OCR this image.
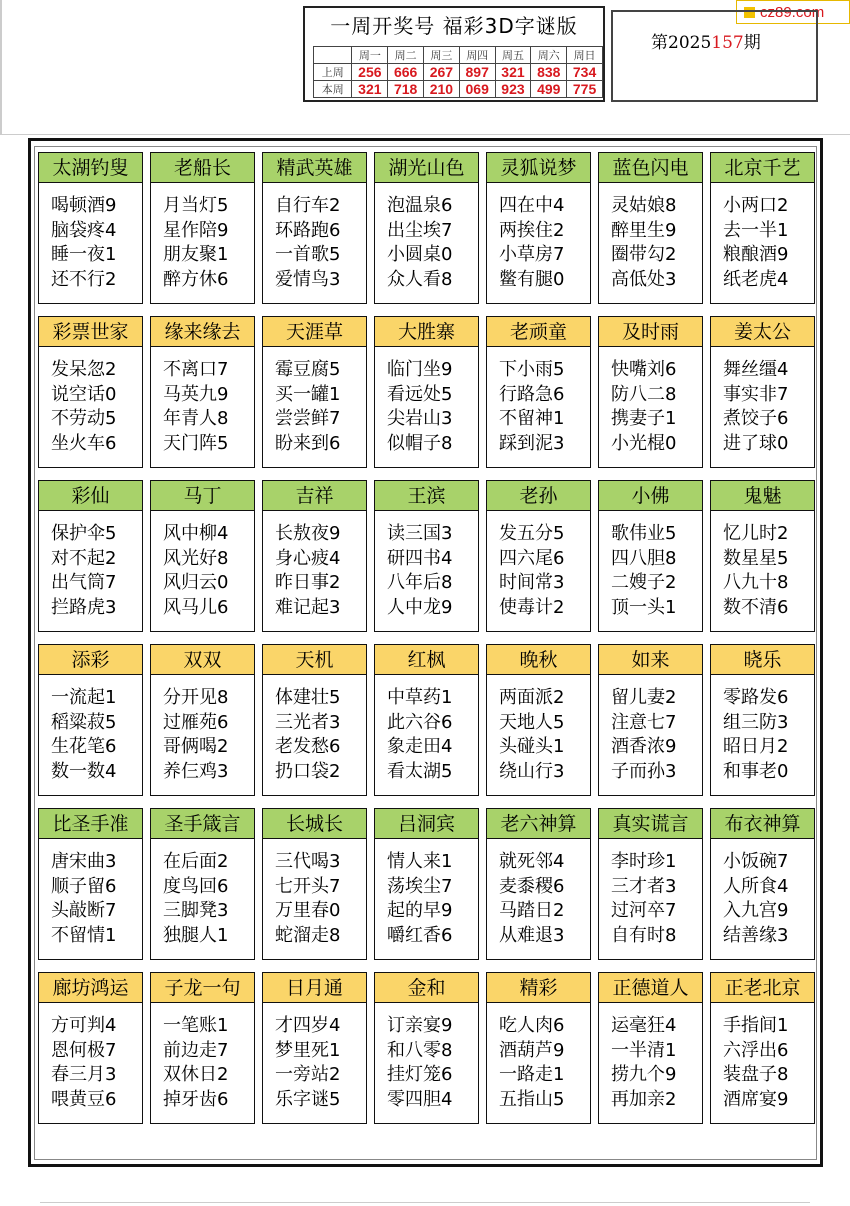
cz89.com
一周开奖号 福彩3D字谜版
	周一	周二	周三	周四	周五	周六	周日
上周	256	666	267	897	321	838	734
本周	321	718	210	069	923	499	775
第2025157期
太湖钓叟
喝顿酒9
脑袋疼4
睡一夜1
还不行2
老船长
月当灯5
星作陪9
朋友聚1
醉方休6
精武英雄
自行车2
环路跑6
一首歌5
爱情鸟3
湖光山色
泡温泉6
出尘埃7
小圆桌0
众人看8
灵狐说梦
四在中4
两挨住2
小草房7
鳖有腿0
蓝色闪电
灵姑娘8
醉里生9
圈带勾2
高低处3
北京千艺
小两口2
去一半1
粮酿酒9
纸老虎4
彩票世家
发呆忽2
说空话0
不劳动5
坐火车6
缘来缘去
不离口7
马英九9
年青人8
天门阵5
天涯草
霉豆腐5
买一罐1
尝尝鲜7
盼来到6
大胜寨
临门坐9
看远处5
尖岩山3
似帽子8
老顽童
下小雨5
行路急6
不留神1
踩到泥3
及时雨
快嘴刘6
防八二8
携妻子1
小光棍0
姜太公
舞丝缰4
事实非7
煮饺子6
进了球0
彩仙
保护伞5
对不起2
出气筒7
拦路虎3
马丁
风中柳4
风光好8
风归云0
风马儿6
吉祥
长敖夜9
身心疲4
昨日事2
难记起3
王滨
读三国3
研四书4
八年后8
人中龙9
老孙
发五分5
四六尾6
时间常3
使毒计2
小佛
歌伟业5
四八胆8
二嫂子2
顶一头1
鬼魅
忆儿时2
数星星5
八九十8
数不清6
添彩
一流起1
稻粱菽5
生花笔6
数一数4
双双
分开见8
过雁苑6
哥俩喝2
养仨鸡3
天机
体建壮5
三光者3
老发愁6
扔口袋2
红枫
中草药1
此六谷6
象走田4
看太湖5
晚秋
两面派2
天地人5
头碰头1
绕山行3
如来
留儿妻2
注意七7
酒香浓9
子而孙3
晓乐
零路发6
组三防3
昭日月2
和事老0
比圣手准
唐宋曲3
顺子留6
头敲断7
不留情1
圣手箴言
在后面2
度鸟回6
三脚凳3
独腿人1
长城长
三代喝3
七开头7
万里春0
蛇溜走8
吕洞宾
情人来1
荡埃尘7
起的早9
嚼红香6
老六神算
就死邻4
麦黍稷6
马踏日2
从难退3
真实谎言
李时珍1
三才者3
过河卒7
自有时8
布衣神算
小饭碗7
人所食4
入九宫9
结善缘3
廊坊鸿运
方可判4
恩何极7
春三月3
喂黄豆6
子龙一句
一笔账1
前边走7
双休日2
掉牙齿6
日月通
才四岁4
梦里死1
一旁站2
乐字谜5
金和
订亲宴9
和八零8
挂灯笼6
零四胆4
精彩
吃人肉6
酒葫芦9
一路走1
五指山5
正德道人
运毫狂4
一半清1
捞九个9
再加亲2
正老北京
手指间1
六浮出6
装盘子8
酒席宴9
